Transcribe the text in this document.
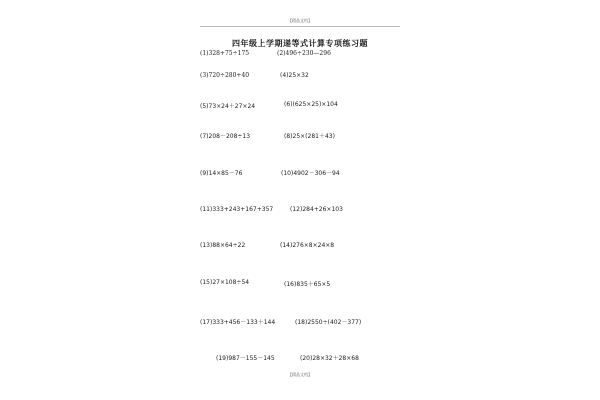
【精品文档】
四年级上学期递等式计算专项练习题
(1)328+75÷175	(2)496÷230—296
(3)720÷280+40	(4)25×32
(5)73×24＋27×24	(6)(625×25)×104
(7)208－208÷13	(8)25×(281＋43)
(9)14×85－76	(10)4902－306－94
(11)333+243+167+357	(12)284+26×103
(13)88×64÷22	(14)276×8×24×8
(15)27×108÷54	(16)835＋65×5
(17)333+456－133＋144	(18)2550÷(402－377)
(19)987－155－145	(20)28×32＋28×68
【精品文档】
